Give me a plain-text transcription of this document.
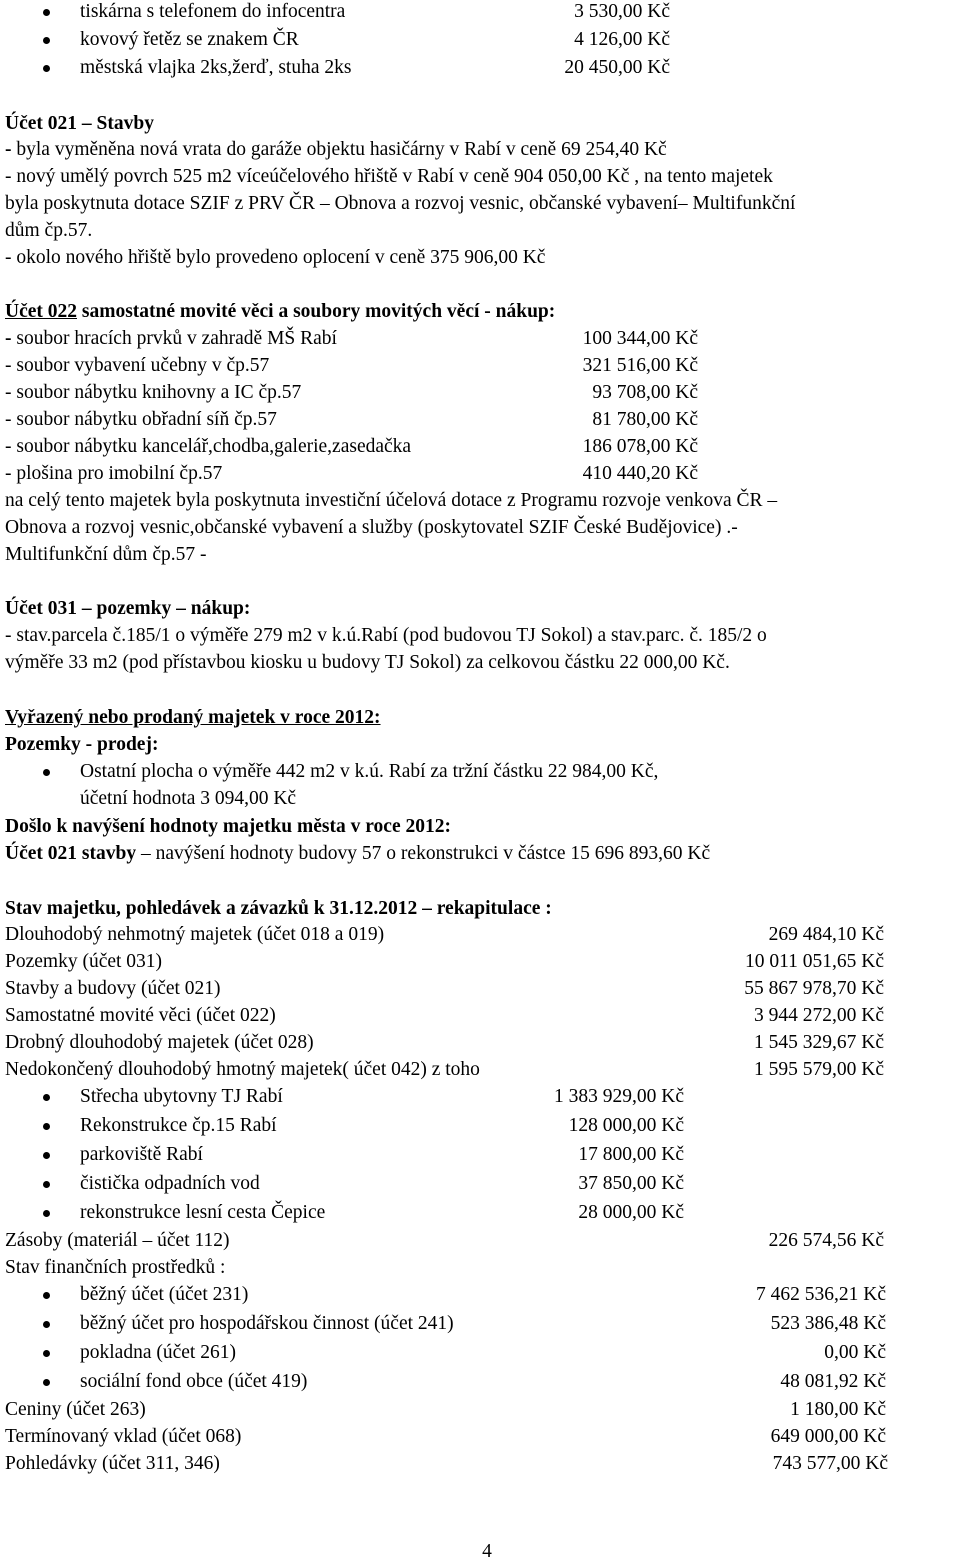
tiskárna s telefonem do infocentra	3 530,00 Kč
kovový řetěz se znakem ČR	4 126,00 Kč
městská vlajka 2ks,žerď, stuha 2ks	20 450,00 Kč
Účet 021 – Stavby
- byla vyměněna nová vrata do garáže objektu hasičárny v Rabí v ceně 69 254,40 Kč
- nový umělý povrch 525 m2 víceúčelového hřiště v Rabí v ceně 904 050,00 Kč , na tento majetek
byla poskytnuta dotace SZIF z PRV ČR – Obnova a rozvoj vesnic, občanské vybavení– Multifunkční
dům čp.57.
- okolo nového hřiště bylo provedeno oplocení v ceně 375 906,00 Kč
Účet 022 samostatné movité věci a soubory movitých věcí - nákup:
- soubor hracích prvků v zahradě MŠ Rabí	100 344,00 Kč
- soubor vybavení učebny v čp.57	321 516,00 Kč
- soubor nábytku knihovny a IC čp.57	93 708,00 Kč
- soubor nábytku obřadní síň čp.57	81 780,00 Kč
- soubor nábytku kancelář,chodba,galerie,zasedačka	186 078,00 Kč
- plošina pro imobilní čp.57	410 440,20 Kč
na celý tento majetek byla poskytnuta investiční účelová dotace z Programu rozvoje venkova ČR –
Obnova a rozvoj vesnic,občanské vybavení a služby (poskytovatel SZIF České Budějovice) .-
Multifunkční dům čp.57 -
Účet 031 – pozemky – nákup:
- stav.parcela č.185/1 o výměře 279 m2 v k.ú.Rabí (pod budovou TJ Sokol) a stav.parc. č. 185/2 o
výměře 33 m2 (pod přístavbou kiosku u budovy TJ Sokol) za celkovou částku 22 000,00 Kč.
Vyřazený nebo prodaný majetek v roce 2012:
Pozemky - prodej:
Ostatní plocha o výměře 442 m2 v k.ú. Rabí za tržní částku 22 984,00 Kč,
účetní hodnota 3 094,00 Kč
Došlo k navýšení hodnoty majetku města v roce 2012:
Účet 021 stavby – navýšení hodnoty budovy 57 o rekonstrukci v částce 15 696 893,60 Kč
Stav majetku, pohledávek a závazků k 31.12.2012 – rekapitulace :
Dlouhodobý nehmotný majetek (účet 018 a 019)	269 484,10 Kč
Pozemky (účet 031)	10 011 051,65 Kč
Stavby a budovy (účet 021)	55 867 978,70 Kč
Samostatné movité věci (účet 022)	3 944 272,00 Kč
Drobný dlouhodobý majetek (účet 028)	1 545 329,67 Kč
Nedokončený dlouhodobý hmotný majetek( účet 042) z toho	1 595 579,00 Kč
Střecha ubytovny TJ Rabí	1 383 929,00 Kč
Rekonstrukce čp.15 Rabí	128 000,00 Kč
parkoviště Rabí	17 800,00 Kč
čistička odpadních vod	37 850,00 Kč
rekonstrukce lesní cesta Čepice	28 000,00 Kč
Zásoby (materiál – účet 112)	226 574,56 Kč
Stav finančních prostředků :
běžný účet (účet 231)	7 462 536,21 Kč
běžný účet pro hospodářskou činnost (účet 241)	523 386,48 Kč
pokladna (účet 261)	0,00 Kč
sociální fond obce (účet 419)	48 081,92 Kč
Ceniny (účet 263)	1 180,00 Kč
Termínovaný vklad (účet 068)	649 000,00 Kč
Pohledávky (účet 311, 346)	743 577,00 Kč
4
